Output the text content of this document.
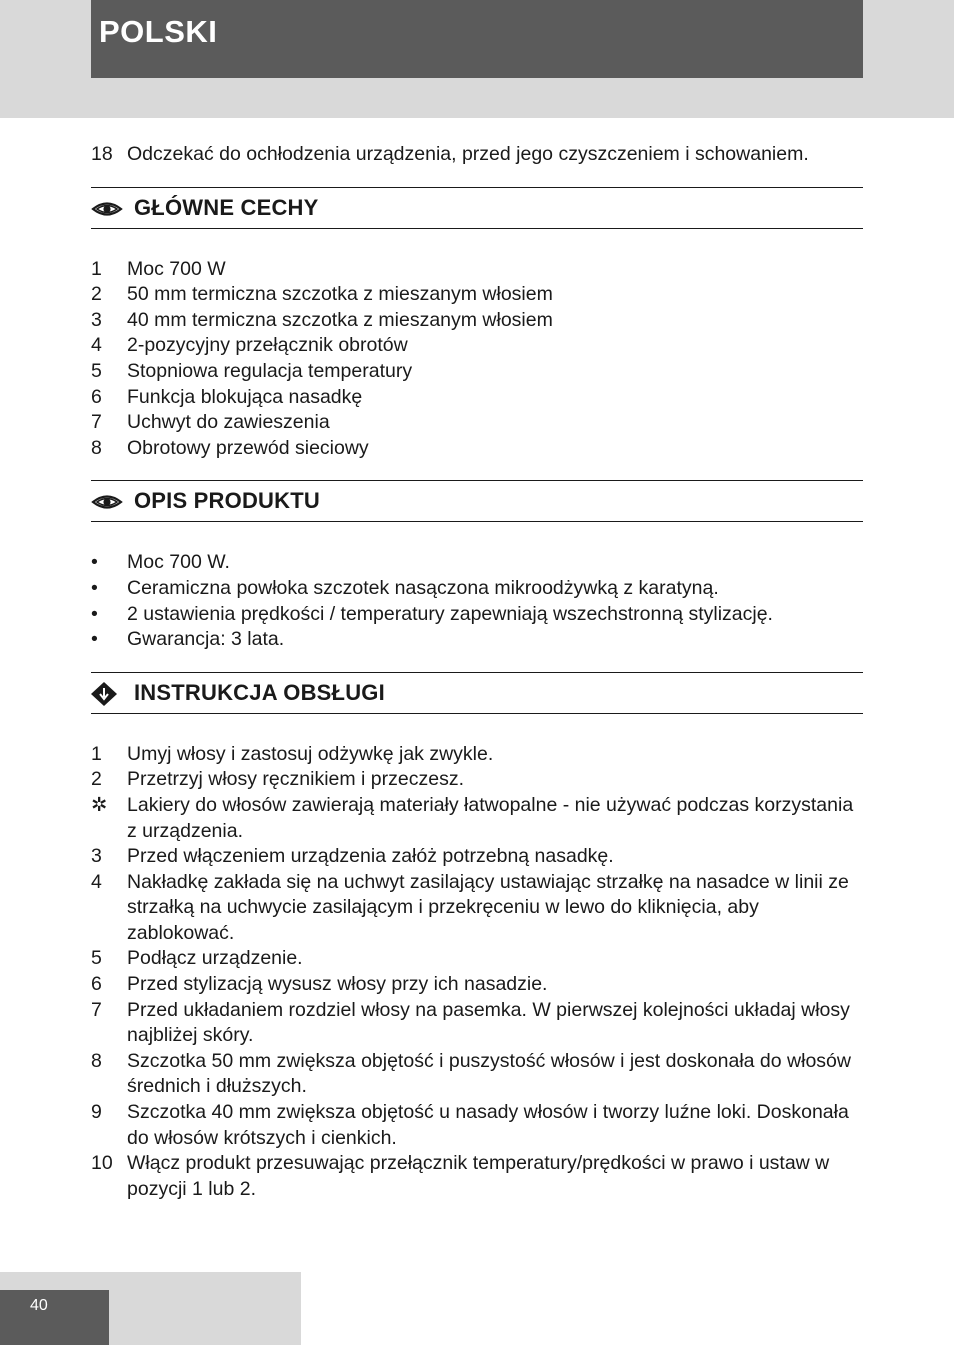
POLSKI
18 Odczekać do ochłodzenia urządzenia, przed jego czyszczeniem i schowaniem.
GŁÓWNE CECHY
1 Moc 700 W
2 50 mm termiczna szczotka z mieszanym włosiem
3 40 mm termiczna szczotka z mieszanym włosiem
4 2-pozycyjny przełącznik obrotów
5 Stopniowa regulacja temperatury
6 Funkcja blokująca nasadkę
7 Uchwyt do zawieszenia
8 Obrotowy przewód sieciowy
OPIS PRODUKTU
•	Moc 700 W.
•	Ceramiczna powłoka szczotek nasączona mikroodżywką z karatyną.
•	2 ustawienia prędkości / temperatury zapewniają wszechstronną stylizację.
•	Gwarancja: 3 lata.
INSTRUKCJA OBSŁUGI
1 Umyj włosy i zastosuj odżywkę jak zwykle.
2 Przetrzyj włosy ręcznikiem i przeczesz.
✲ Lakiery do włosów zawierają materiały łatwopalne - nie używać podczas korzystania z urządzenia.
3 Przed włączeniem urządzenia załóż potrzebną nasadkę.
4 Nakładkę zakłada się na uchwyt zasilający ustawiając strzałkę na nasadce w linii ze strzałką na uchwycie zasilającym i przekręceniu w lewo do kliknięcia, aby zablokować.
5 Podłącz urządzenie.
6 Przed stylizacją wysusz włosy przy ich nasadzie.
7 Przed układaniem rozdziel włosy na pasemka. W pierwszej kolejności układaj włosy najbliżej skóry.
8 Szczotka 50 mm zwiększa objętość i puszystość włosów i jest doskonała do włosów średnich i dłuższych.
9 Szczotka 40 mm zwiększa objętość u nasady włosów i tworzy luźne loki. Doskonała do włosów krótszych i cienkich.
10 Włącz produkt przesuwając przełącznik temperatury/prędkości w prawo i ustaw w pozycji 1 lub 2.
40
